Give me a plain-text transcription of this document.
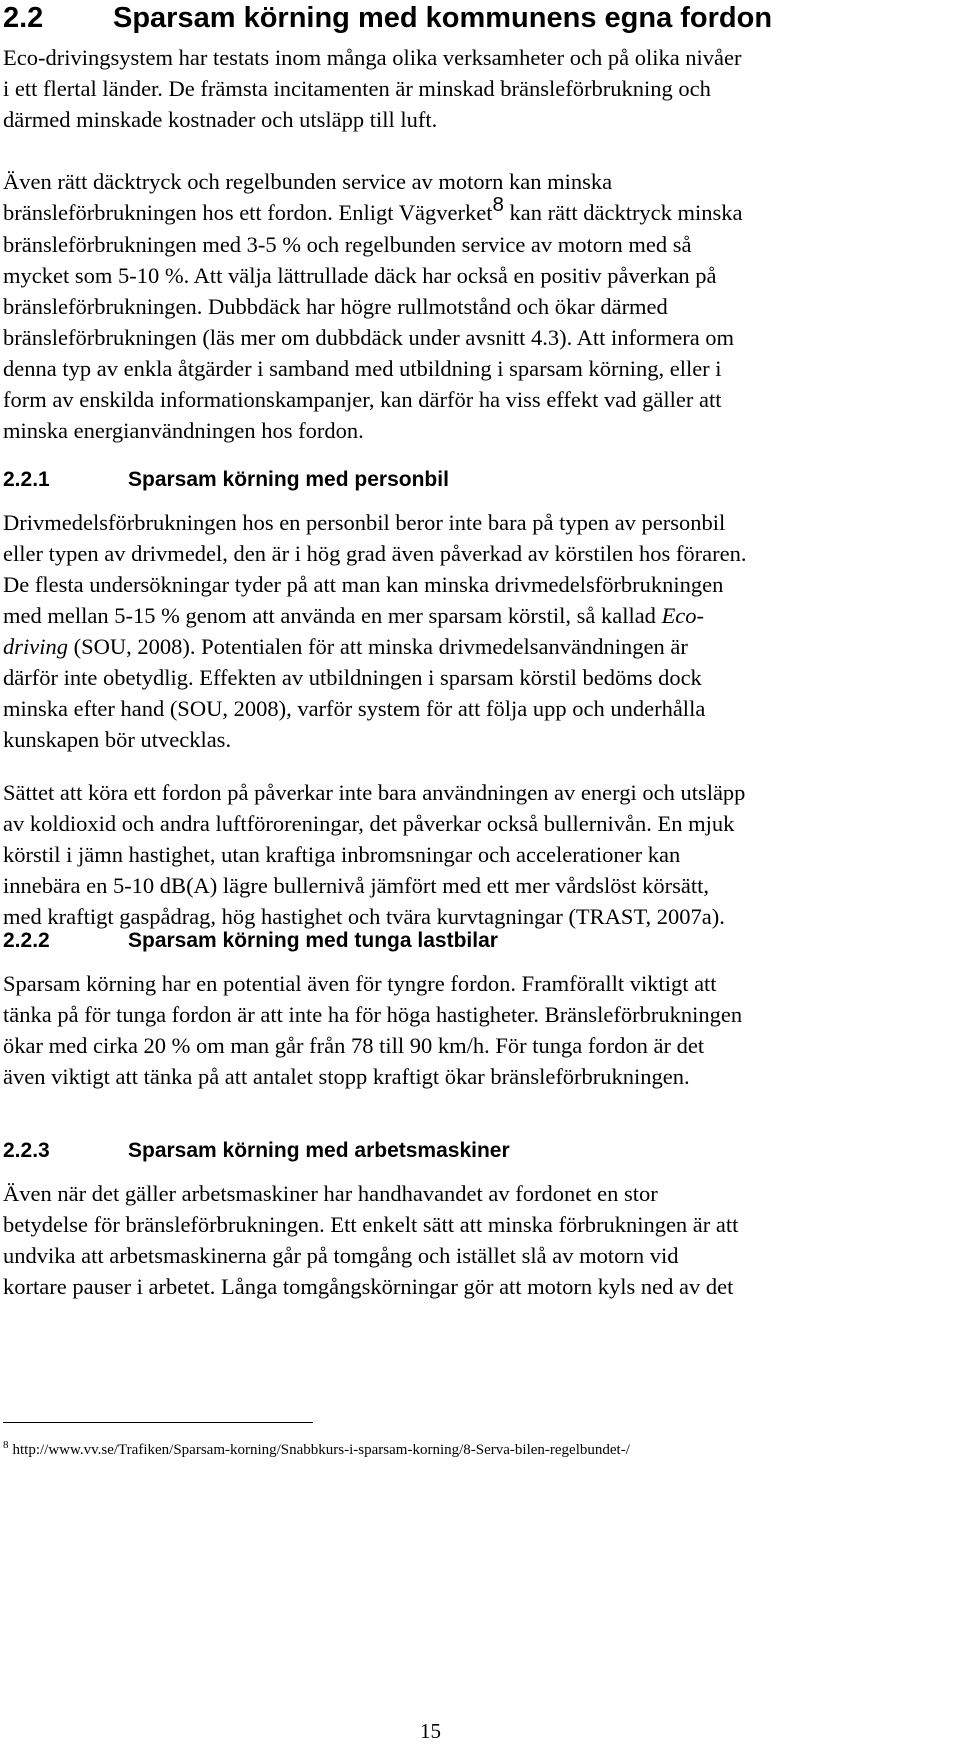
2.2 Sparsam körning med kommunens egna fordon

Eco-drivingsystem har testats inom många olika verksamheter och på olika nivåer
i ett flertal länder. De främsta incitamenten är minskad bränsleförbrukning och
därmed minskade kostnader och utsläpp till luft.

Även rätt däcktryck och regelbunden service av motorn kan minska
bränsleförbrukningen hos ett fordon. Enligt Vägverket8 kan rätt däcktryck minska
bränsleförbrukningen med 3-5 % och regelbunden service av motorn med så
mycket som 5-10 %. Att välja lättrullade däck har också en positiv påverkan på
bränsleförbrukningen. Dubbdäck har högre rullmotstånd och ökar därmed
bränsleförbrukningen (läs mer om dubbdäck under avsnitt 4.3). Att informera om
denna typ av enkla åtgärder i samband med utbildning i sparsam körning, eller i
form av enskilda informationskampanjer, kan därför ha viss effekt vad gäller att
minska energianvändningen hos fordon.

2.2.1	Sparsam körning med personbil

Drivmedelsförbrukningen hos en personbil beror inte bara på typen av personbil
eller typen av drivmedel, den är i hög grad även påverkad av körstilen hos föraren.
De flesta undersökningar tyder på att man kan minska drivmedelsförbrukningen
med mellan 5-15 % genom att använda en mer sparsam körstil, så kallad Eco-
driving (SOU, 2008). Potentialen för att minska drivmedelsanvändningen är
därför inte obetydlig. Effekten av utbildningen i sparsam körstil bedöms dock
minska efter hand (SOU, 2008), varför system för att följa upp och underhålla
kunskapen bör utvecklas.

Sättet att köra ett fordon på påverkar inte bara användningen av energi och utsläpp
av koldioxid och andra luftföroreningar, det påverkar också bullernivån. En mjuk
körstil i jämn hastighet, utan kraftiga inbromsningar och accelerationer kan
innebära en 5-10 dB(A) lägre bullernivå jämfört med ett mer vårdslöst körsätt,
med kraftigt gaspådrag, hög hastighet och tvära kurvtagningar (TRAST, 2007a).

2.2.2	Sparsam körning med tunga lastbilar

Sparsam körning har en potential även för tyngre fordon. Framförallt viktigt att
tänka på för tunga fordon är att inte ha för höga hastigheter. Bränsleförbrukningen
ökar med cirka 20 % om man går från 78 till 90 km/h. För tunga fordon är det
även viktigt att tänka på att antalet stopp kraftigt ökar bränsleförbrukningen.

2.2.3	Sparsam körning med arbetsmaskiner

Även när det gäller arbetsmaskiner har handhavandet av fordonet en stor
betydelse för bränsleförbrukningen. Ett enkelt sätt att minska förbrukningen är att
undvika att arbetsmaskinerna går på tomgång och istället slå av motorn vid
kortare pauser i arbetet. Långa tomgångskörningar gör att motorn kyls ned av det

$^8$ http://www.vv.se/Trafiken/Sparsam-korning/Snabbkurs-i-sparsam-korning/8-Serva-bilen-regelbundet-/

15
